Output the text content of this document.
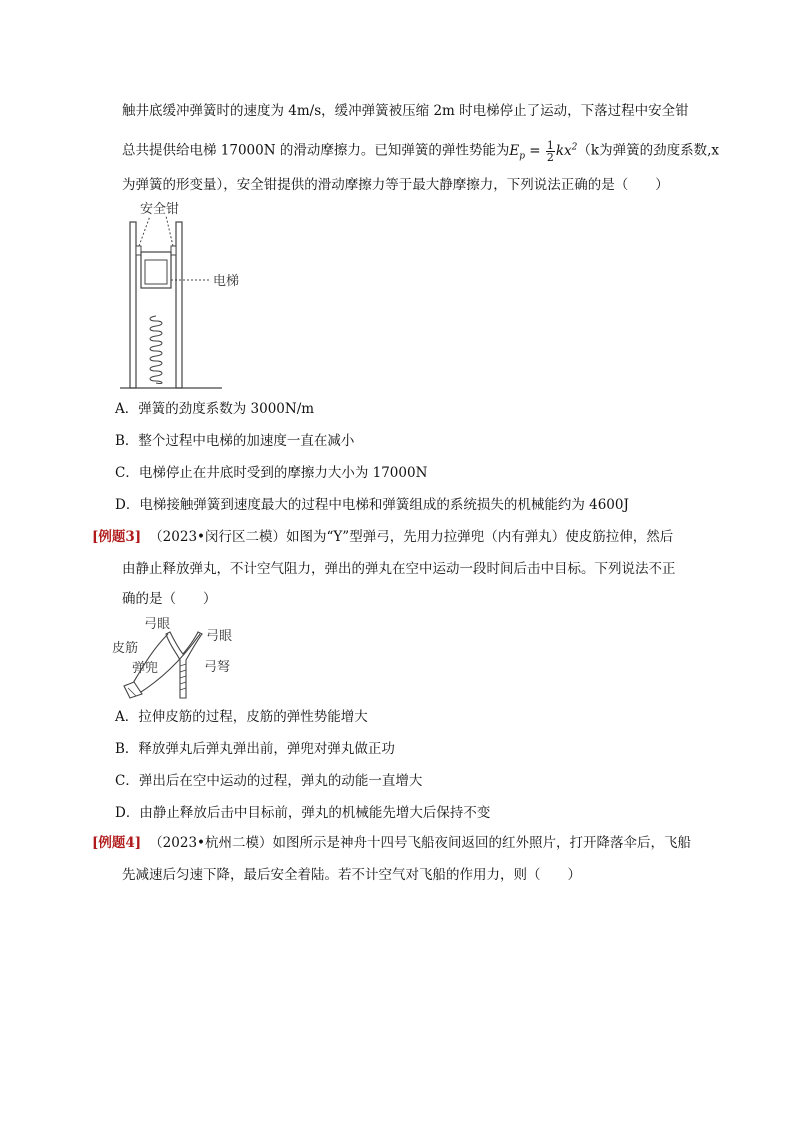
触井底缓冲弹簧时的速度为 4m/s，缓冲弹簧被压缩 2m 时电梯停止了运动，下落过程中安全钳
总共提供给电梯 17000N 的滑动摩擦力。已知弹簧的弹性势能为$E_p = \frac{1}{2} kx^2(k$为弹簧的劲度系数,x
为弹簧的形变量），安全钳提供的滑动摩擦力等于最大静摩擦力，下列说法正确的是（　　）
安全钳
电梯
A．弹簧的劲度系数为 3000N/m
B．整个过程中电梯的加速度一直在减小
C．电梯停止在井底时受到的摩擦力大小为 17000N
D．电梯接触弹簧到速度最大的过程中电梯和弹簧组成的系统损失的机械能约为 4600J
[例题3] （2023•闵行区二模）如图为“Y”型弹弓，先用力拉弹兜（内有弹丸）使皮筋拉伸，然后
由静止释放弹丸，不计空气阻力，弹出的弹丸在空中运动一段时间后击中目标。下列说法不正
确的是（　　）
弓眼
弓眼
皮筋
弹兜	弓弩
A．拉伸皮筋的过程，皮筋的弹性势能增大
B．释放弹丸后弹丸弹出前，弹兜对弹丸做正功
C．弹出后在空中运动的过程，弹丸的动能一直增大
D．由静止释放后击中目标前，弹丸的机械能先增大后保持不变
[例题4] （2023•杭州二模）如图所示是神舟十四号飞船夜间返回的红外照片，打开降落伞后，飞船
先减速后匀速下降，最后安全着陆。若不计空气对飞船的作用力，则（　　）
